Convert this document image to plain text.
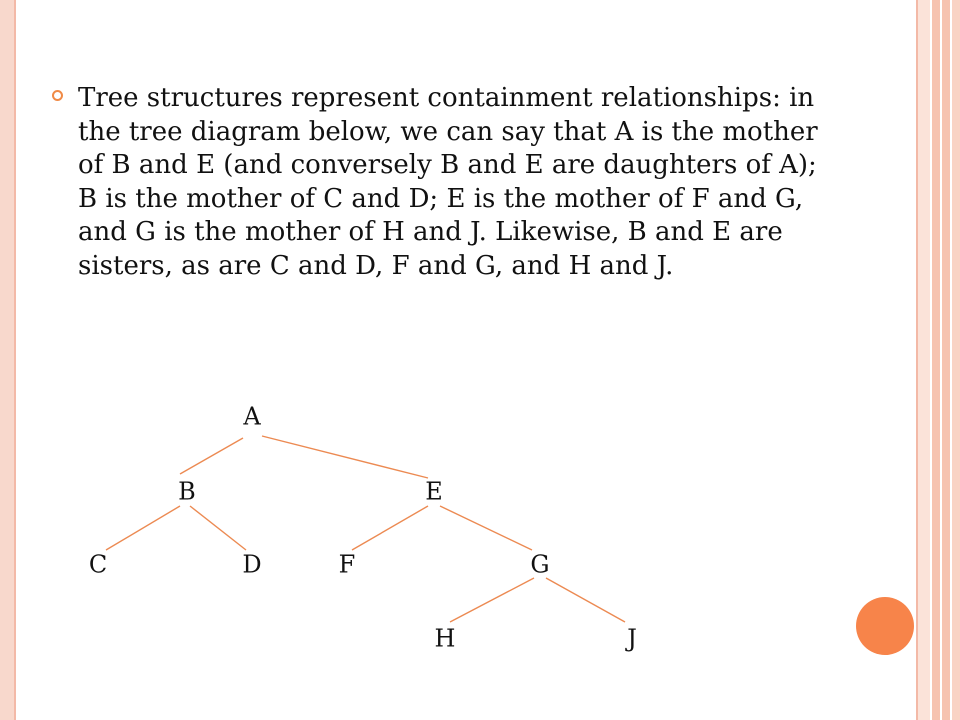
Tree structures represent containment relationships: in the tree diagram below, we can say that A is the mother of B and E (and conversely B and E are daughters of A); B is the mother of C and D; E is the mother of F and G, and G is the mother of H and J. Likewise, B and E are sisters, as are C and D, F and G, and H and J.

A
B	E
C	D	F	G
H	J
